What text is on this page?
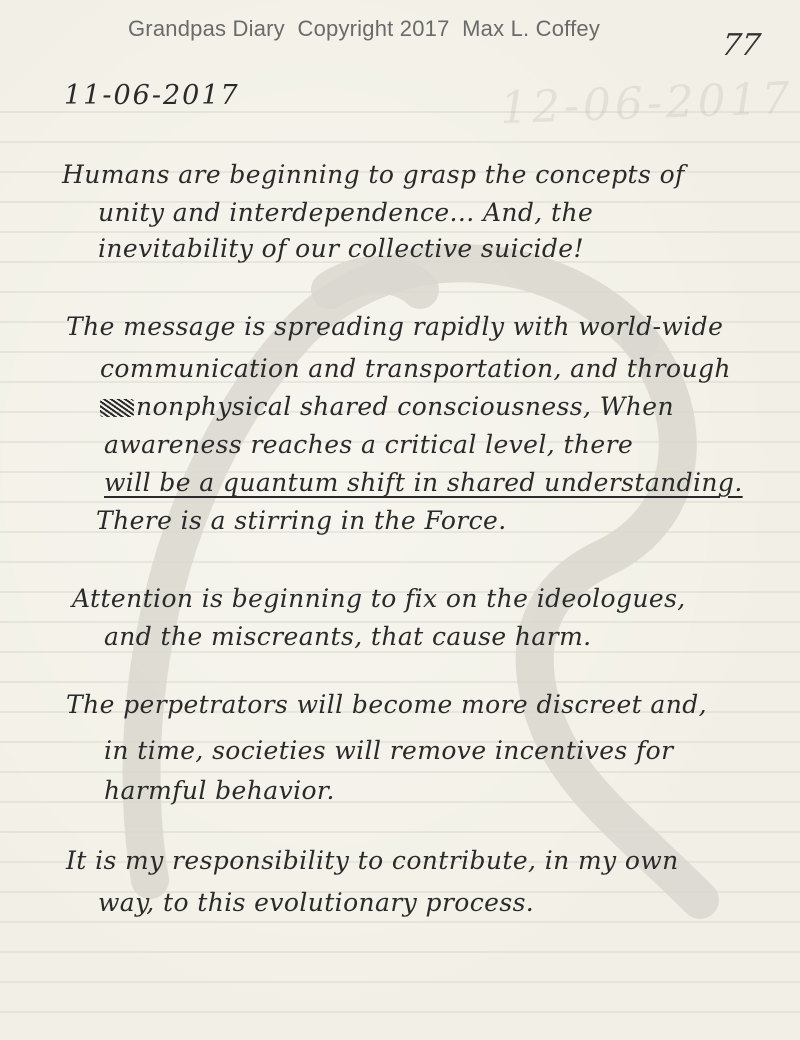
12-06-2017
Grandpas Diary  Copyright 2017  Max L. Coffey	77
11-06-2017
Humans are beginning to grasp the concepts of
unity and interdependence... And, the
inevitability of our collective suicide!
The message is spreading rapidly with world-wide
communication and transportation, and through
nonphysical shared consciousness, When
awareness reaches a critical level, there
will be a quantum shift in shared understanding.
There is a stirring in the Force.
Attention is beginning to fix on the ideologues,
and the miscreants, that cause harm.
The perpetrators will become more discreet and,
in time, societies will remove incentives for
harmful behavior.
It is my responsibility to contribute, in my own
way, to this evolutionary process.
